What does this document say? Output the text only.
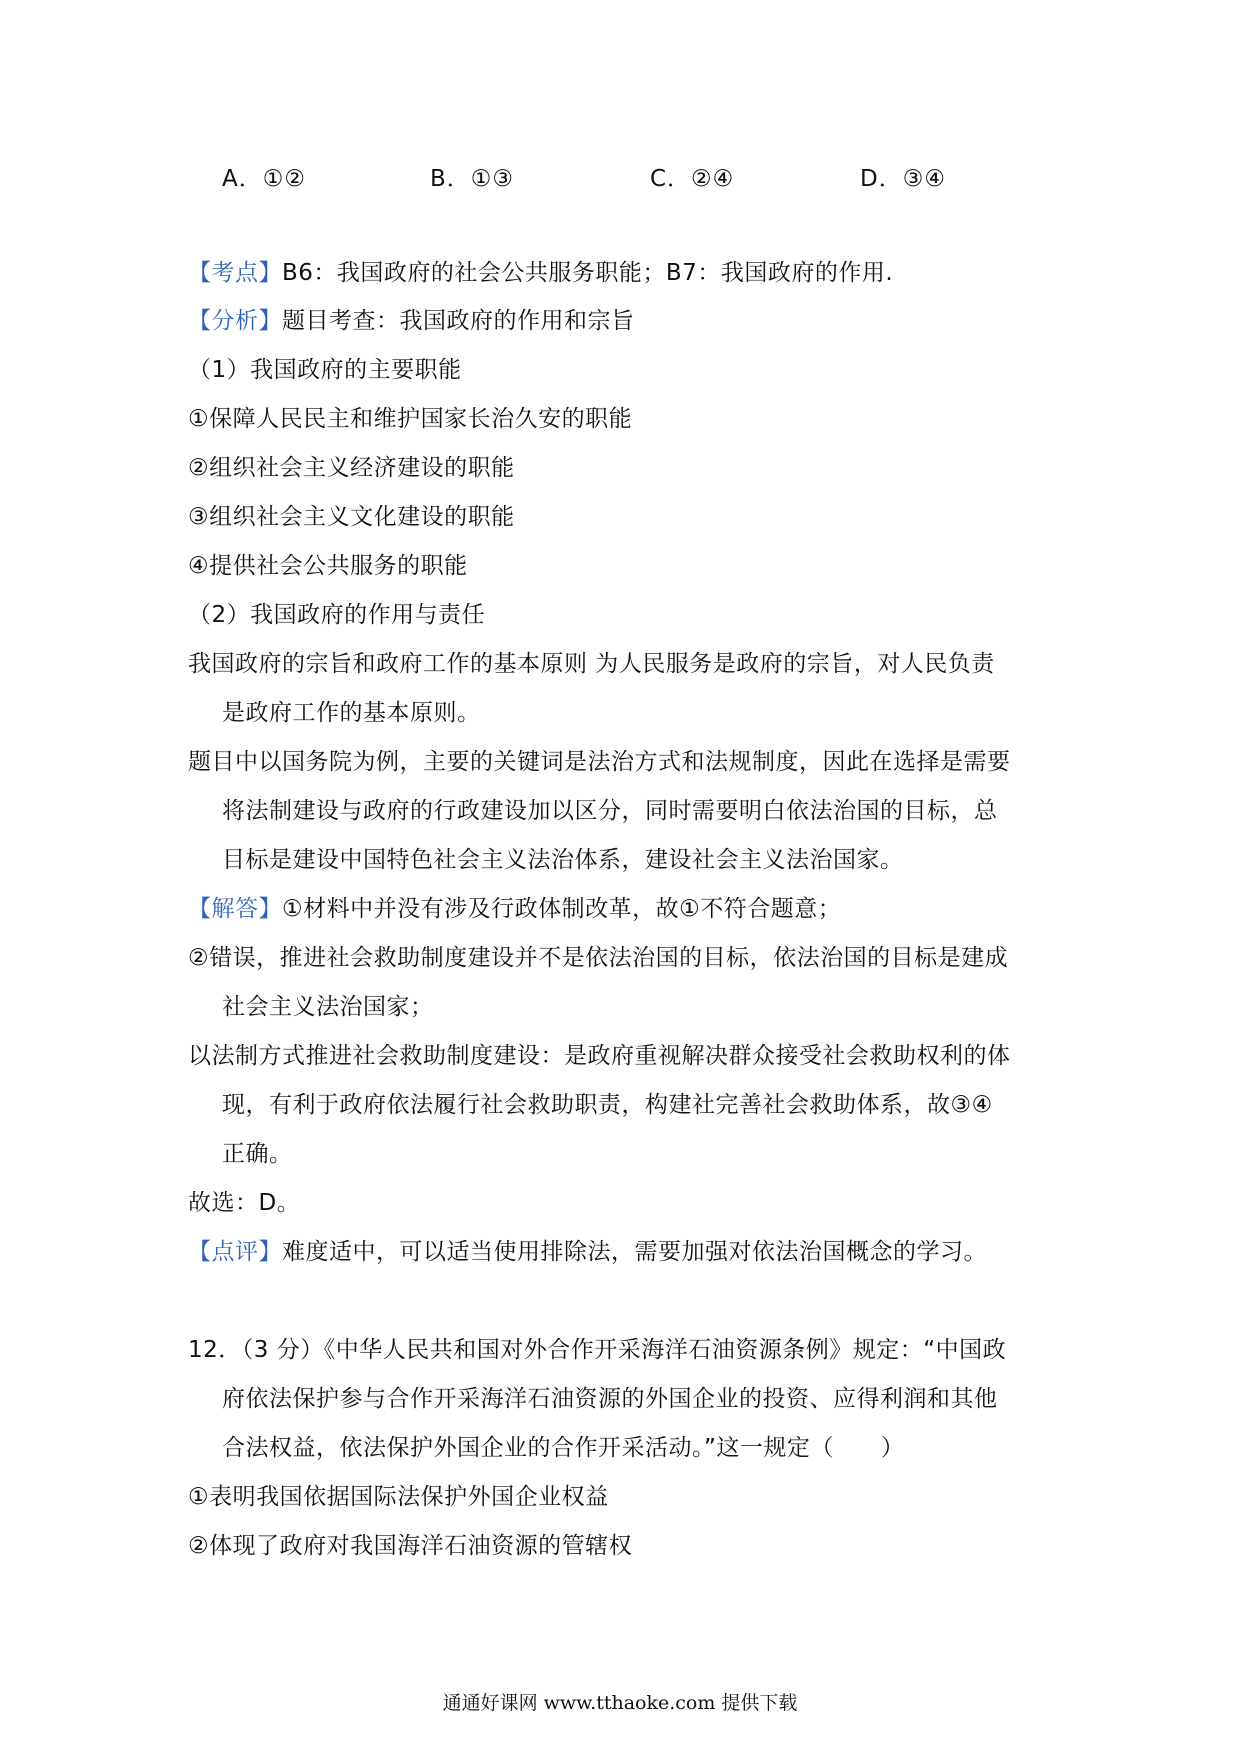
A．①②	B．①③	C．②④	D．③④
【考点】B6：我国政府的社会公共服务职能；B7：我国政府的作用.
【分析】题目考查：我国政府的作用和宗旨
（1）我国政府的主要职能
①保障人民民主和维护国家长治久安的职能
②组织社会主义经济建设的职能
③组织社会主义文化建设的职能
④提供社会公共服务的职能
（2）我国政府的作用与责任
我国政府的宗旨和政府工作的基本原则 为人民服务是政府的宗旨，对人民负责
是政府工作的基本原则。
题目中以国务院为例，主要的关键词是法治方式和法规制度，因此在选择是需要
将法制建设与政府的行政建设加以区分，同时需要明白依法治国的目标，总
目标是建设中国特色社会主义法治体系，建设社会主义法治国家。
【解答】①材料中并没有涉及行政体制改革，故①不符合题意；
②错误，推进社会救助制度建设并不是依法治国的目标，依法治国的目标是建成
社会主义法治国家；
以法制方式推进社会救助制度建设：是政府重视解决群众接受社会救助权利的体
现，有利于政府依法履行社会救助职责，构建社完善社会救助体系，故③④
正确。
故选：D。
【点评】难度适中，可以适当使用排除法，需要加强对依法治国概念的学习。
12．（3 分）《中华人民共和国对外合作开采海洋石油资源条例》规定：“中国政
府依法保护参与合作开采海洋石油资源的外国企业的投资、应得利润和其他
合法权益，依法保护外国企业的合作开采活动。”这一规定（　　）
①表明我国依据国际法保护外国企业权益
②体现了政府对我国海洋石油资源的管辖权
通通好课网 www.tthaoke.com 提供下载
